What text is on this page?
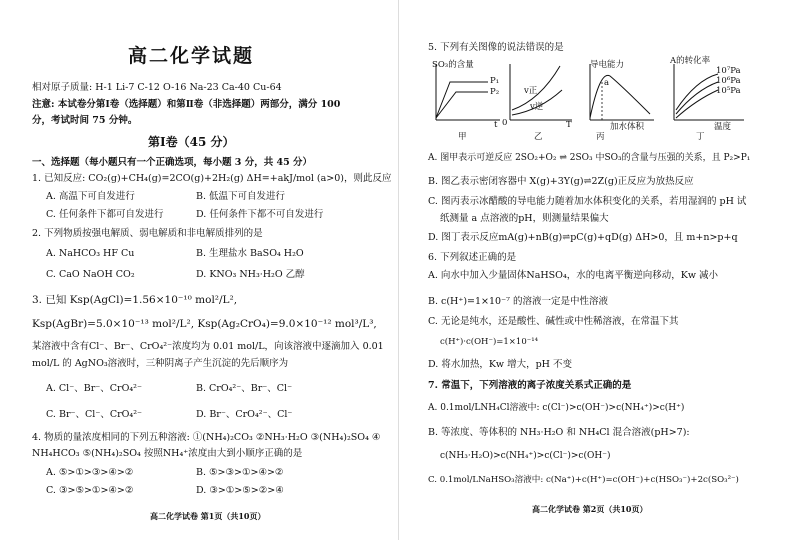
高二化学试题
相对原子质量: H-1 Li-7 C-12 O-16 Na-23 Ca-40 Cu-64
注意: 本试卷分第Ⅰ卷（选择题）和第Ⅱ卷（非选择题）两部分，满分 100
分，考试时间 75 分钟。
第Ⅰ卷（45 分）
一、选择题（每小题只有一个正确选项，每小题 3 分，共 45 分）
1. 已知反应: CO₂(g)+CH₄(g)=2CO(g)+2H₂(g) ΔH=+akJ/mol (a>0)，则此反应
A. 高温下可自发进行	B. 低温下可自发进行
C. 任何条件下都可自发进行	D. 任何条件下都不可自发进行
2. 下列物质按强电解质、弱电解质和非电解质排列的是
A. NaHCO₃ HF Cu	B. 生理盐水 BaSO₄ H₂O
C. CaO NaOH CO₂	D. KNO₃ NH₃·H₂O 乙醇
3. 已知 Ksp(AgCl)=1.56×10⁻¹⁰ mol²/L²,
Ksp(AgBr)=5.0×10⁻¹³ mol²/L², Ksp(Ag₂CrO₄)=9.0×10⁻¹² mol³/L³,
某溶液中含有Cl⁻、Br⁻、CrO₄²⁻浓度均为 0.01 mol/L，向该溶液中逐滴加入 0.01
mol/L 的 AgNO₃溶液时，三种阴离子产生沉淀的先后顺序为
A. Cl⁻、Br⁻、CrO₄²⁻	B. CrO₄²⁻、Br⁻、Cl⁻
C. Br⁻、Cl⁻、CrO₄²⁻	D. Br⁻、CrO₄²⁻、Cl⁻
4. 物质的量浓度相同的下列五种溶液: ①(NH₄)₂CO₃ ②NH₃·H₂O ③(NH₄)₂SO₄ ④
NH₄HCO₃ ⑤(NH₄)₂SO₄ 按照NH₄⁺浓度由大到小顺序正确的是
A. ⑤>①>③>④>②	B. ⑤>③>①>④>②
C. ③>⑤>①>④>②	D. ③>①>⑤>②>④
高二化学试卷 第1页（共10页）
5. 下列有关图像的说法错误的是
SO₃的含量
P₁
P₂
t
甲
v正
v逆
0	T
乙
导电能力
a
加水体积
丙
A的转化率
10⁷Pa
10⁶Pa
10⁵Pa
温度
丁
A. 图甲表示可逆反应 2SO₂+O₂ ⇌ 2SO₃ 中SO₃的含量与压强的关系，且 P₂>P₁
B. 图乙表示密闭容器中 X(g)+3Y(g)⇌2Z(g)正反应为放热反应
C. 图丙表示冰醋酸的导电能力随着加水体积变化的关系，若用湿润的 pH 试
纸测量 a 点溶液的pH，则测量结果偏大
D. 图丁表示反应mA(g)+nB(g)⇌pC(g)+qD(g) ΔH>0，且 m+n>p+q
6. 下列叙述正确的是
A. 向水中加入少量固体NaHSO₄，水的电离平衡逆向移动，Kw 减小
B. c(H⁺)=1×10⁻⁷ 的溶液一定是中性溶液
C. 无论是纯水，还是酸性、碱性或中性稀溶液，在常温下其
c(H⁺)·c(OH⁻)=1×10⁻¹⁴
D. 将水加热，Kw 增大，pH 不变
7. 常温下，下列溶液的离子浓度关系式正确的是
A. 0.1mol/LNH₄Cl溶液中: c(Cl⁻)>c(OH⁻)>c(NH₄⁺)>c(H⁺)
B. 等浓度、等体积的 NH₃·H₂O 和 NH₄Cl 混合溶液(pH>7):
c(NH₃·H₂O)>c(NH₄⁺)>c(Cl⁻)>c(OH⁻)
C. 0.1mol/LNaHSO₃溶液中: c(Na⁺)+c(H⁺)=c(OH⁻)+c(HSO₃⁻)+2c(SO₃²⁻)
高二化学试卷 第2页（共10页）
